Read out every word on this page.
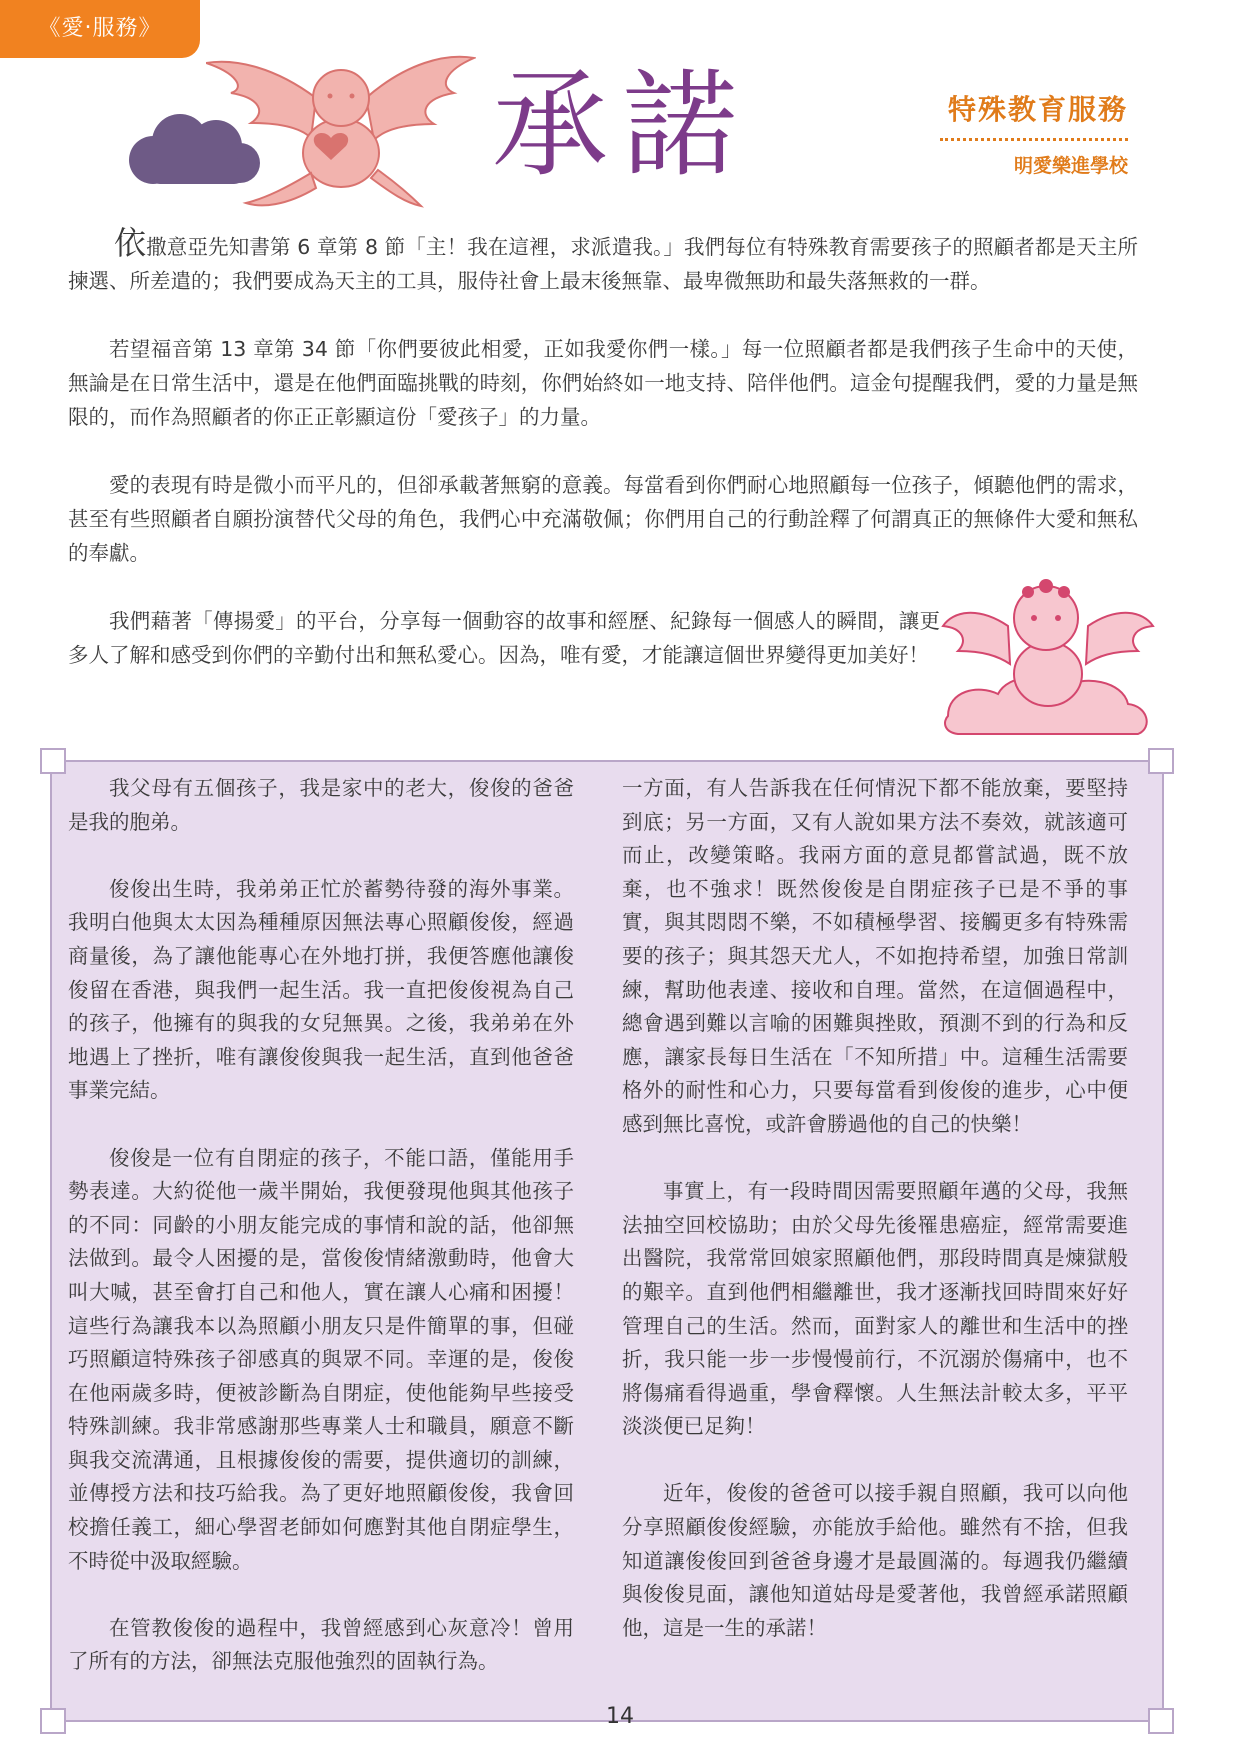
《愛‧服務》
承諾	特殊教育服務
明愛樂進學校

依撒意亞先知書第 6 章第 8 節「主！我在這裡，求派遣我。」我們每位有特殊教育需要孩子的照顧者都是天主所揀選、所差遣的；我們要成為天主的工具，服侍社會上最末後無靠、最卑微無助和最失落無救的一群。

若望福音第 13 章第 34 節「你們要彼此相愛，正如我愛你們一樣。」每一位照顧者都是我們孩子生命中的天使，無論是在日常生活中，還是在他們面臨挑戰的時刻，你們始終如一地支持、陪伴他們。這金句提醒我們，愛的力量是無限的，而作為照顧者的你正正彰顯這份「愛孩子」的力量。

愛的表現有時是微小而平凡的，但卻承載著無窮的意義。每當看到你們耐心地照顧每一位孩子，傾聽他們的需求，甚至有些照顧者自願扮演替代父母的角色，我們心中充滿敬佩；你們用自己的行動詮釋了何謂真正的無條件大愛和無私的奉獻。

我們藉著「傳揚愛」的平台，分享每一個動容的故事和經歷、紀錄每一個感人的瞬間，讓更多人了解和感受到你們的辛勤付出和無私愛心。因為，唯有愛，才能讓這個世界變得更加美好！

我父母有五個孩子，我是家中的老大，俊俊的爸爸是我的胞弟。

俊俊出生時，我弟弟正忙於蓄勢待發的海外事業。我明白他與太太因為種種原因無法專心照顧俊俊，經過商量後，為了讓他能專心在外地打拼，我便答應他讓俊俊留在香港，與我們一起生活。我一直把俊俊視為自己的孩子，他擁有的與我的女兒無異。之後，我弟弟在外地遇上了挫折，唯有讓俊俊與我一起生活，直到他爸爸事業完結。

俊俊是一位有自閉症的孩子，不能口語，僅能用手勢表達。大約從他一歲半開始，我便發現他與其他孩子的不同：同齡的小朋友能完成的事情和說的話，他卻無法做到。最令人困擾的是，當俊俊情緒激動時，他會大叫大喊，甚至會打自己和他人，實在讓人心痛和困擾！這些行為讓我本以為照顧小朋友只是件簡單的事，但碰巧照顧這特殊孩子卻感真的與眾不同。幸運的是，俊俊在他兩歲多時，便被診斷為自閉症，使他能夠早些接受特殊訓練。我非常感謝那些專業人士和職員，願意不斷與我交流溝通，且根據俊俊的需要，提供適切的訓練，並傳授方法和技巧給我。為了更好地照顧俊俊，我會回校擔任義工，細心學習老師如何應對其他自閉症學生，不時從中汲取經驗。

在管教俊俊的過程中，我曾經感到心灰意冷！曾用了所有的方法，卻無法克服他強烈的固執行為。

一方面，有人告訴我在任何情況下都不能放棄，要堅持到底；另一方面，又有人說如果方法不奏效，就該適可而止，改變策略。我兩方面的意見都嘗試過，既不放棄，也不強求！既然俊俊是自閉症孩子已是不爭的事實，與其悶悶不樂，不如積極學習、接觸更多有特殊需要的孩子；與其怨天尤人，不如抱持希望，加強日常訓練，幫助他表達、接收和自理。當然，在這個過程中，總會遇到難以言喻的困難與挫敗，預測不到的行為和反應，讓家長每日生活在「不知所措」中。這種生活需要格外的耐性和心力，只要每當看到俊俊的進步，心中便感到無比喜悅，或許會勝過他的自己的快樂！

事實上，有一段時間因需要照顧年邁的父母，我無法抽空回校協助；由於父母先後罹患癌症，經常需要進出醫院，我常常回娘家照顧他們，那段時間真是煉獄般的艱辛。直到他們相繼離世，我才逐漸找回時間來好好管理自己的生活。然而，面對家人的離世和生活中的挫折，我只能一步一步慢慢前行，不沉溺於傷痛中，也不將傷痛看得過重，學會釋懷。人生無法計較太多，平平淡淡便已足夠！

近年，俊俊的爸爸可以接手親自照顧，我可以向他分享照顧俊俊經驗，亦能放手給他。雖然有不捨，但我知道讓俊俊回到爸爸身邊才是最圓滿的。每週我仍繼續與俊俊見面，讓他知道姑母是愛著他，我曾經承諾照顧他，這是一生的承諾！

14
